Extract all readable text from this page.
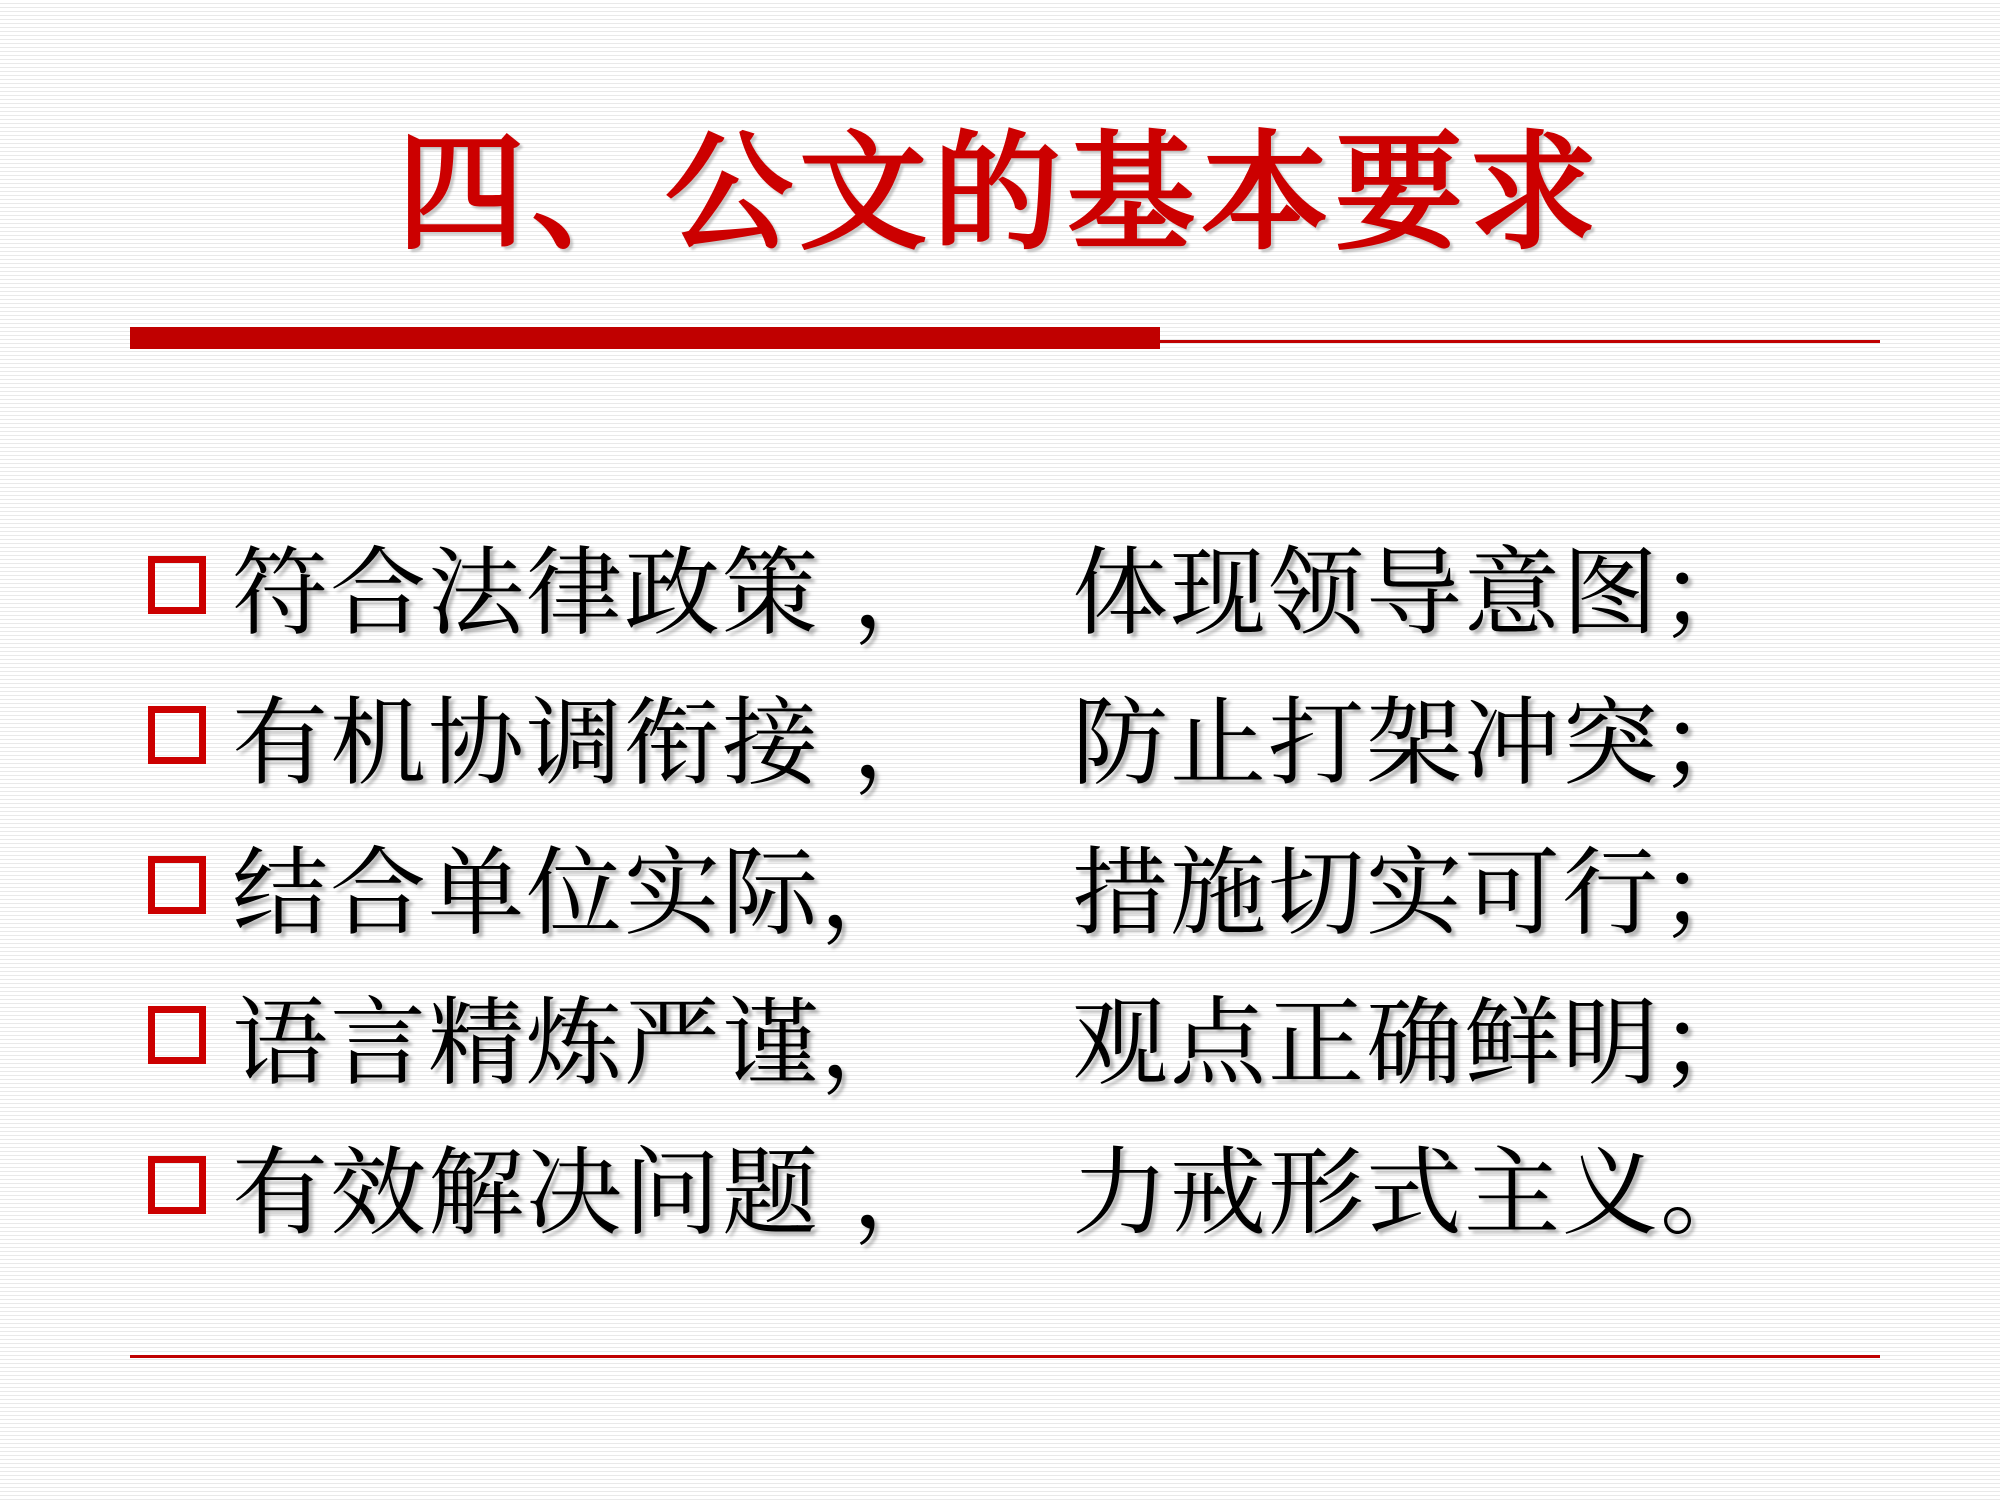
四、公文的基本要求
符合法律政策 ，	体现领导意图；
有机协调衔接 ，	防止打架冲突；
结合单位实际，	措施切实可行；
语言精炼严谨，	观点正确鲜明；
有效解决问题 ，	力戒形式主义。
